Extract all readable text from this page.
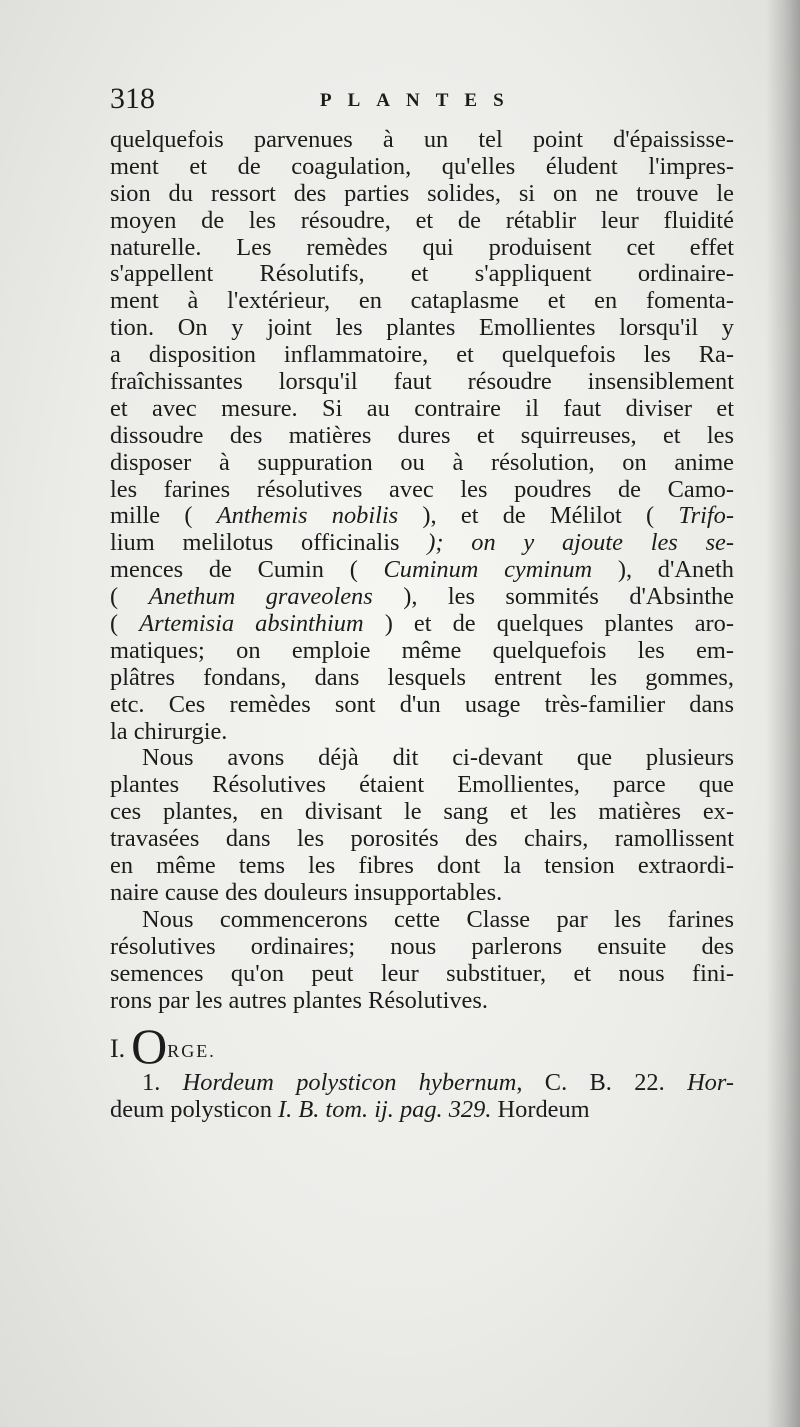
318	PLANTES
quelquefois parvenues à un tel point d'épaississe-
ment et de coagulation, qu'elles éludent l'impres-
sion du ressort des parties solides, si on ne trouve le
moyen de les résoudre, et de rétablir leur fluidité
naturelle. Les remèdes qui produisent cet effet
s'appellent Résolutifs, et s'appliquent ordinaire-
ment à l'extérieur, en cataplasme et en fomenta-
tion. On y joint les plantes Emollientes lorsqu'il y
a disposition inflammatoire, et quelquefois les Ra-
fraîchissantes lorsqu'il faut résoudre insensiblement
et avec mesure. Si au contraire il faut diviser et
dissoudre des matières dures et squirreuses, et les
disposer à suppuration ou à résolution, on anime
les farines résolutives avec les poudres de Camo-
mille ( Anthemis nobilis ), et de Mélilot ( Trifo-
lium melilotus officinalis ); on y ajoute les se-
mences de Cumin ( Cuminum cyminum ), d'Aneth
( Anethum graveolens ), les sommités d'Absinthe
( Artemisia absinthium ) et de quelques plantes aro-
matiques; on emploie même quelquefois les em-
plâtres fondans, dans lesquels entrent les gommes,
etc. Ces remèdes sont d'un usage très-familier dans
la chirurgie.
Nous avons déjà dit ci-devant que plusieurs
plantes Résolutives étaient Emollientes, parce que
ces plantes, en divisant le sang et les matières ex-
travasées dans les porosités des chairs, ramollissent
en même tems les fibres dont la tension extraordi-
naire cause des douleurs insupportables.
Nous commencerons cette Classe par les farines
résolutives ordinaires; nous parlerons ensuite des
semences qu'on peut leur substituer, et nous fini-
rons par les autres plantes Résolutives.
I. ORGE.
1. Hordeum polysticon hybernum, C. B. 22. Hor-
deum polysticon I. B. tom. ij. pag. 329. Hordeum
